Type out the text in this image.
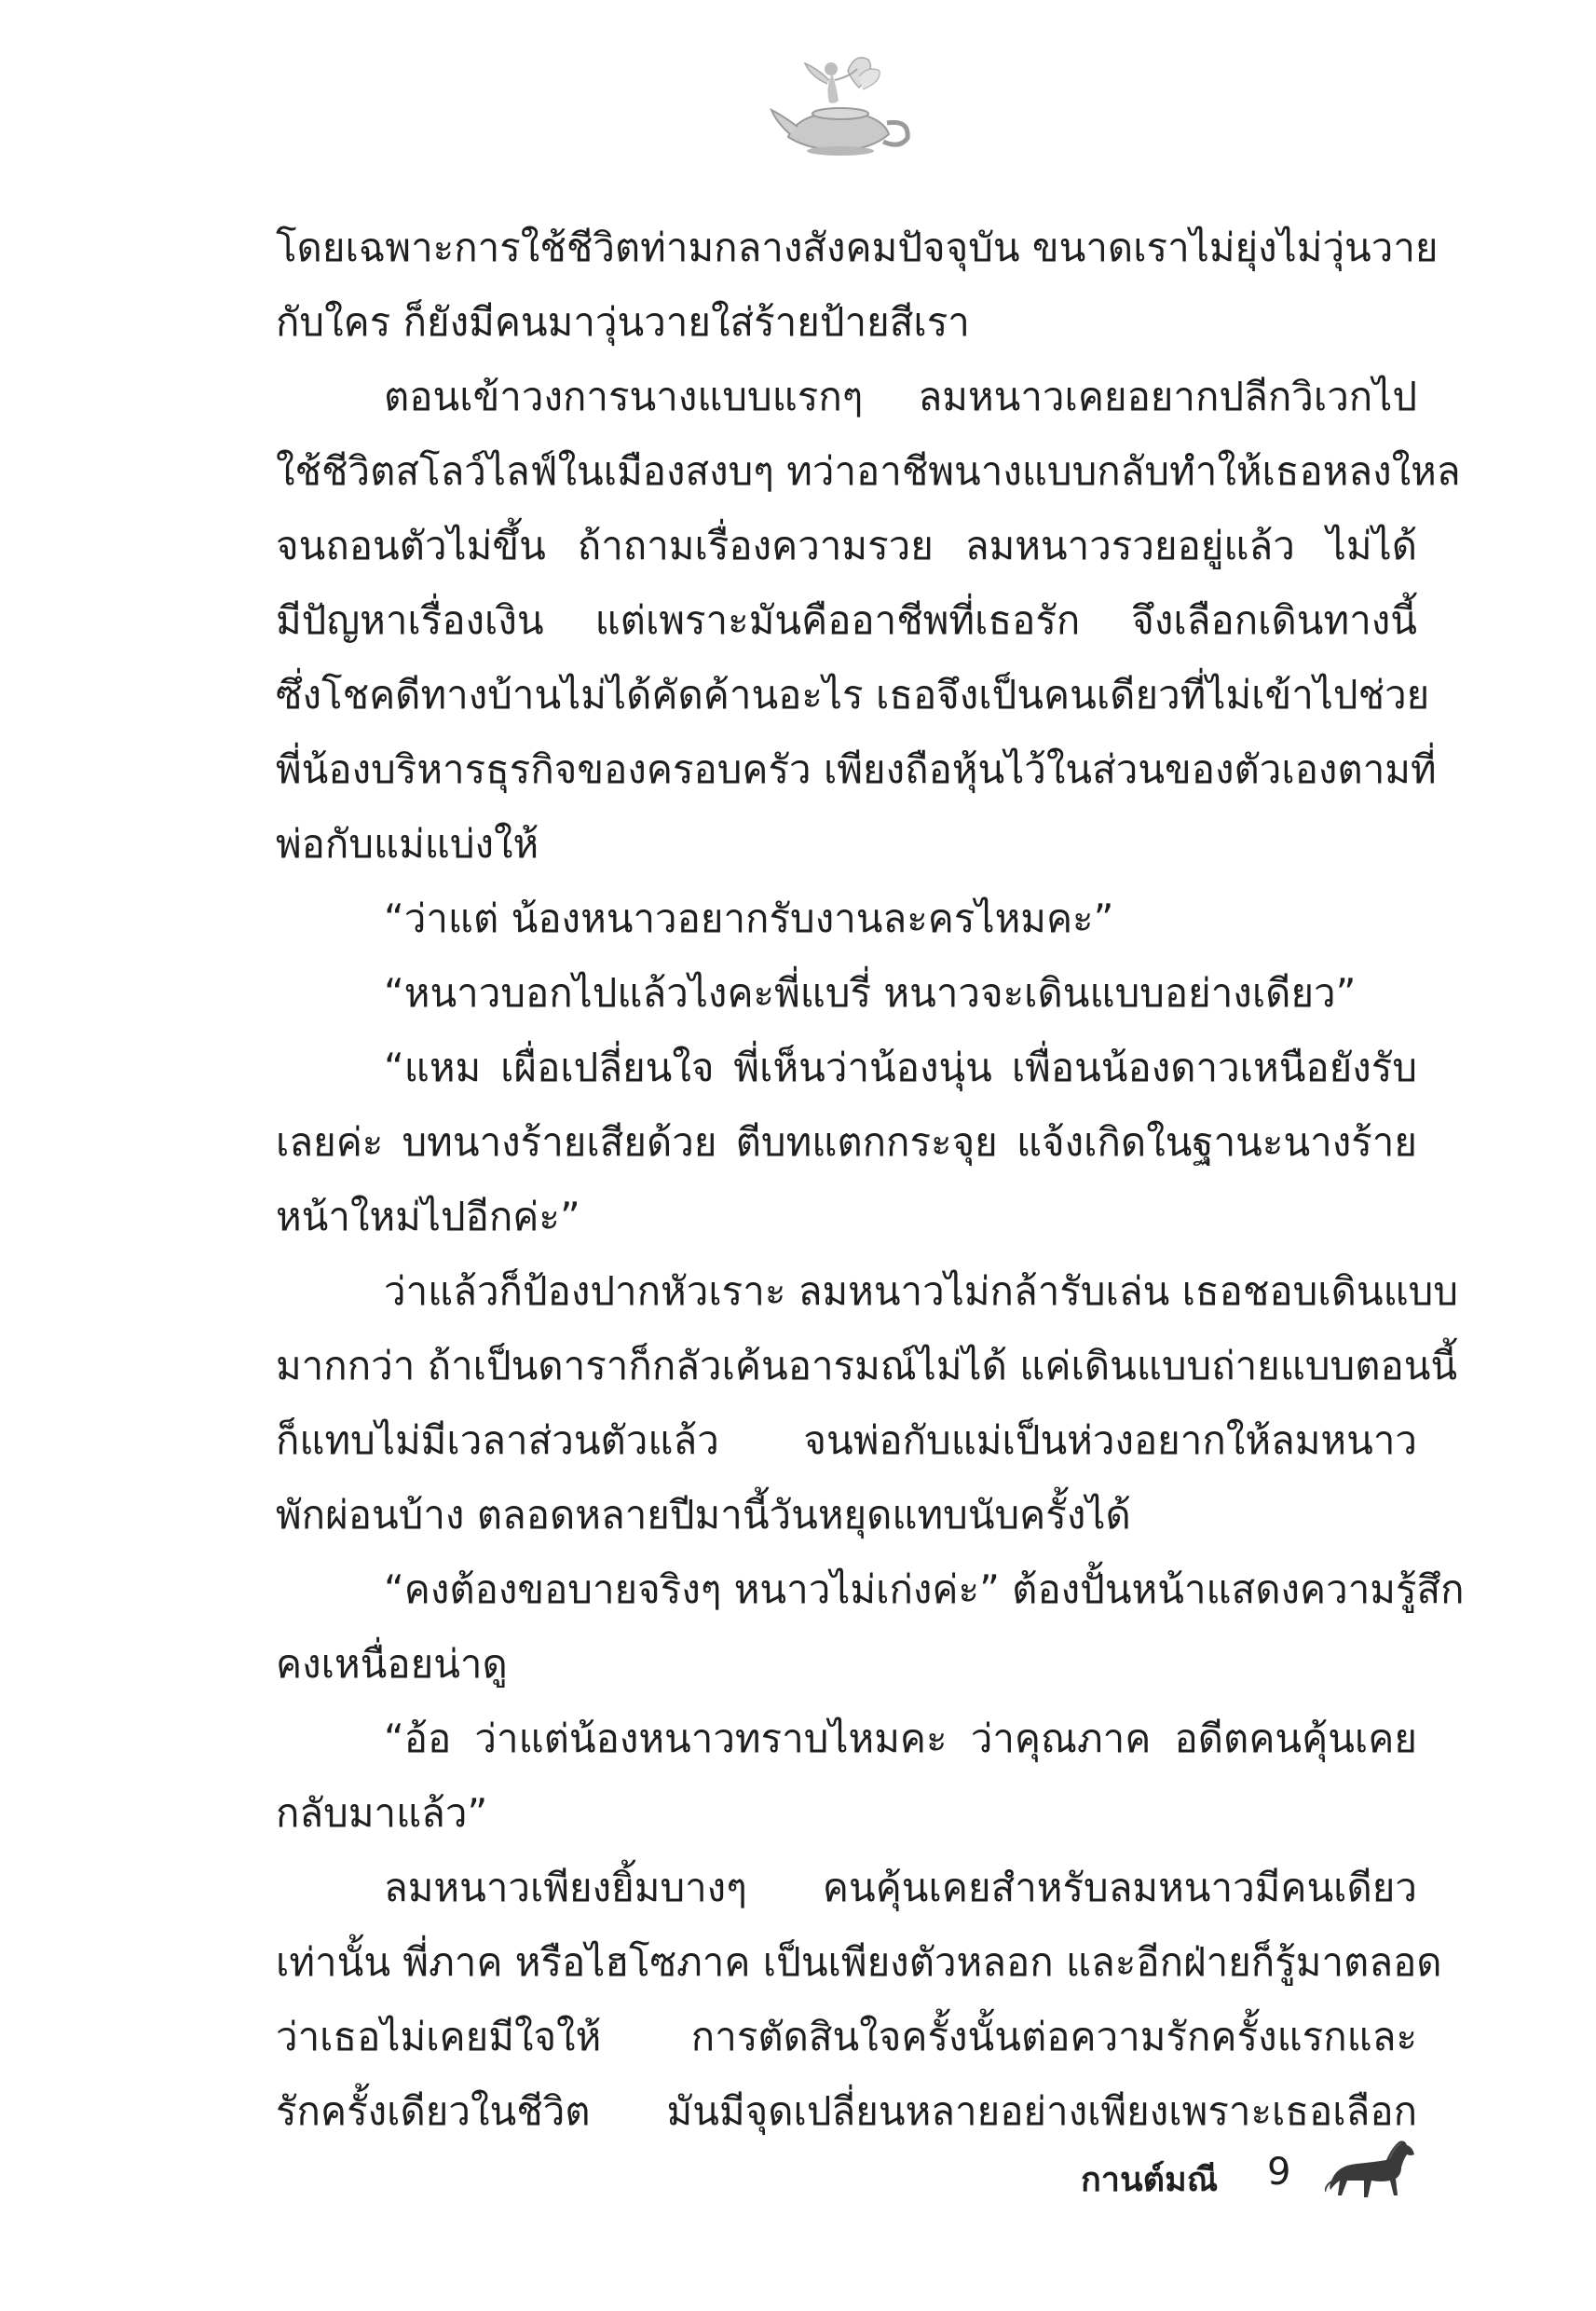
โดยเฉพาะการใช้ชีวิตท่ามกลางสังคมปัจจุบัน ขนาดเราไม่ยุ่งไม่วุ่นวาย
กับใคร ก็ยังมีคนมาวุ่นวายใส่ร้ายป้ายสีเรา
ตอนเข้าวงการนางแบบแรกๆ ลมหนาวเคยอยากปลีกวิเวกไป
ใช้ชีวิตสโลว์ไลฟ์ในเมืองสงบๆ ทว่าอาชีพนางแบบกลับทำให้เธอหลงใหล
จนถอนตัวไม่ขึ้น ถ้าถามเรื่องความรวย ลมหนาวรวยอยู่แล้ว ไม่ได้
มีปัญหาเรื่องเงิน แต่เพราะมันคืออาชีพที่เธอรัก จึงเลือกเดินทางนี้
ซึ่งโชคดีทางบ้านไม่ได้คัดค้านอะไร เธอจึงเป็นคนเดียวที่ไม่เข้าไปช่วย
พี่น้องบริหารธุรกิจของครอบครัว เพียงถือหุ้นไว้ในส่วนของตัวเองตามที่
พ่อกับแม่แบ่งให้
“ว่าแต่ น้องหนาวอยากรับงานละครไหมคะ”
“หนาวบอกไปแล้วไงคะพี่แบรี่ หนาวจะเดินแบบอย่างเดียว”
“แหม เผื่อเปลี่ยนใจ พี่เห็นว่าน้องนุ่น เพื่อนน้องดาวเหนือยังรับ
เลยค่ะ บทนางร้ายเสียด้วย ตีบทแตกกระจุย แจ้งเกิดในฐานะนางร้าย
หน้าใหม่ไปอีกค่ะ”
ว่าแล้วก็ป้องปากหัวเราะ ลมหนาวไม่กล้ารับเล่น เธอชอบเดินแบบ
มากกว่า ถ้าเป็นดาราก็กลัวเค้นอารมณ์ไม่ได้ แค่เดินแบบถ่ายแบบตอนนี้
ก็แทบไม่มีเวลาส่วนตัวแล้ว จนพ่อกับแม่เป็นห่วงอยากให้ลมหนาว
พักผ่อนบ้าง ตลอดหลายปีมานี้วันหยุดแทบนับครั้งได้
“คงต้องขอบายจริงๆ หนาวไม่เก่งค่ะ” ต้องปั้นหน้าแสดงความรู้สึก
คงเหนื่อยน่าดู
“อ้อ ว่าแต่น้องหนาวทราบไหมคะ ว่าคุณภาค อดีตคนคุ้นเคย
กลับมาแล้ว”
ลมหนาวเพียงยิ้มบางๆ คนคุ้นเคยสำหรับลมหนาวมีคนเดียว
เท่านั้น พี่ภาค หรือไฮโซภาค เป็นเพียงตัวหลอก และอีกฝ่ายก็รู้มาตลอด
ว่าเธอไม่เคยมีใจให้ การตัดสินใจครั้งนั้นต่อความรักครั้งแรกและ
รักครั้งเดียวในชีวิต มันมีจุดเปลี่ยนหลายอย่างเพียงเพราะเธอเลือก
กานต์มณี 9
